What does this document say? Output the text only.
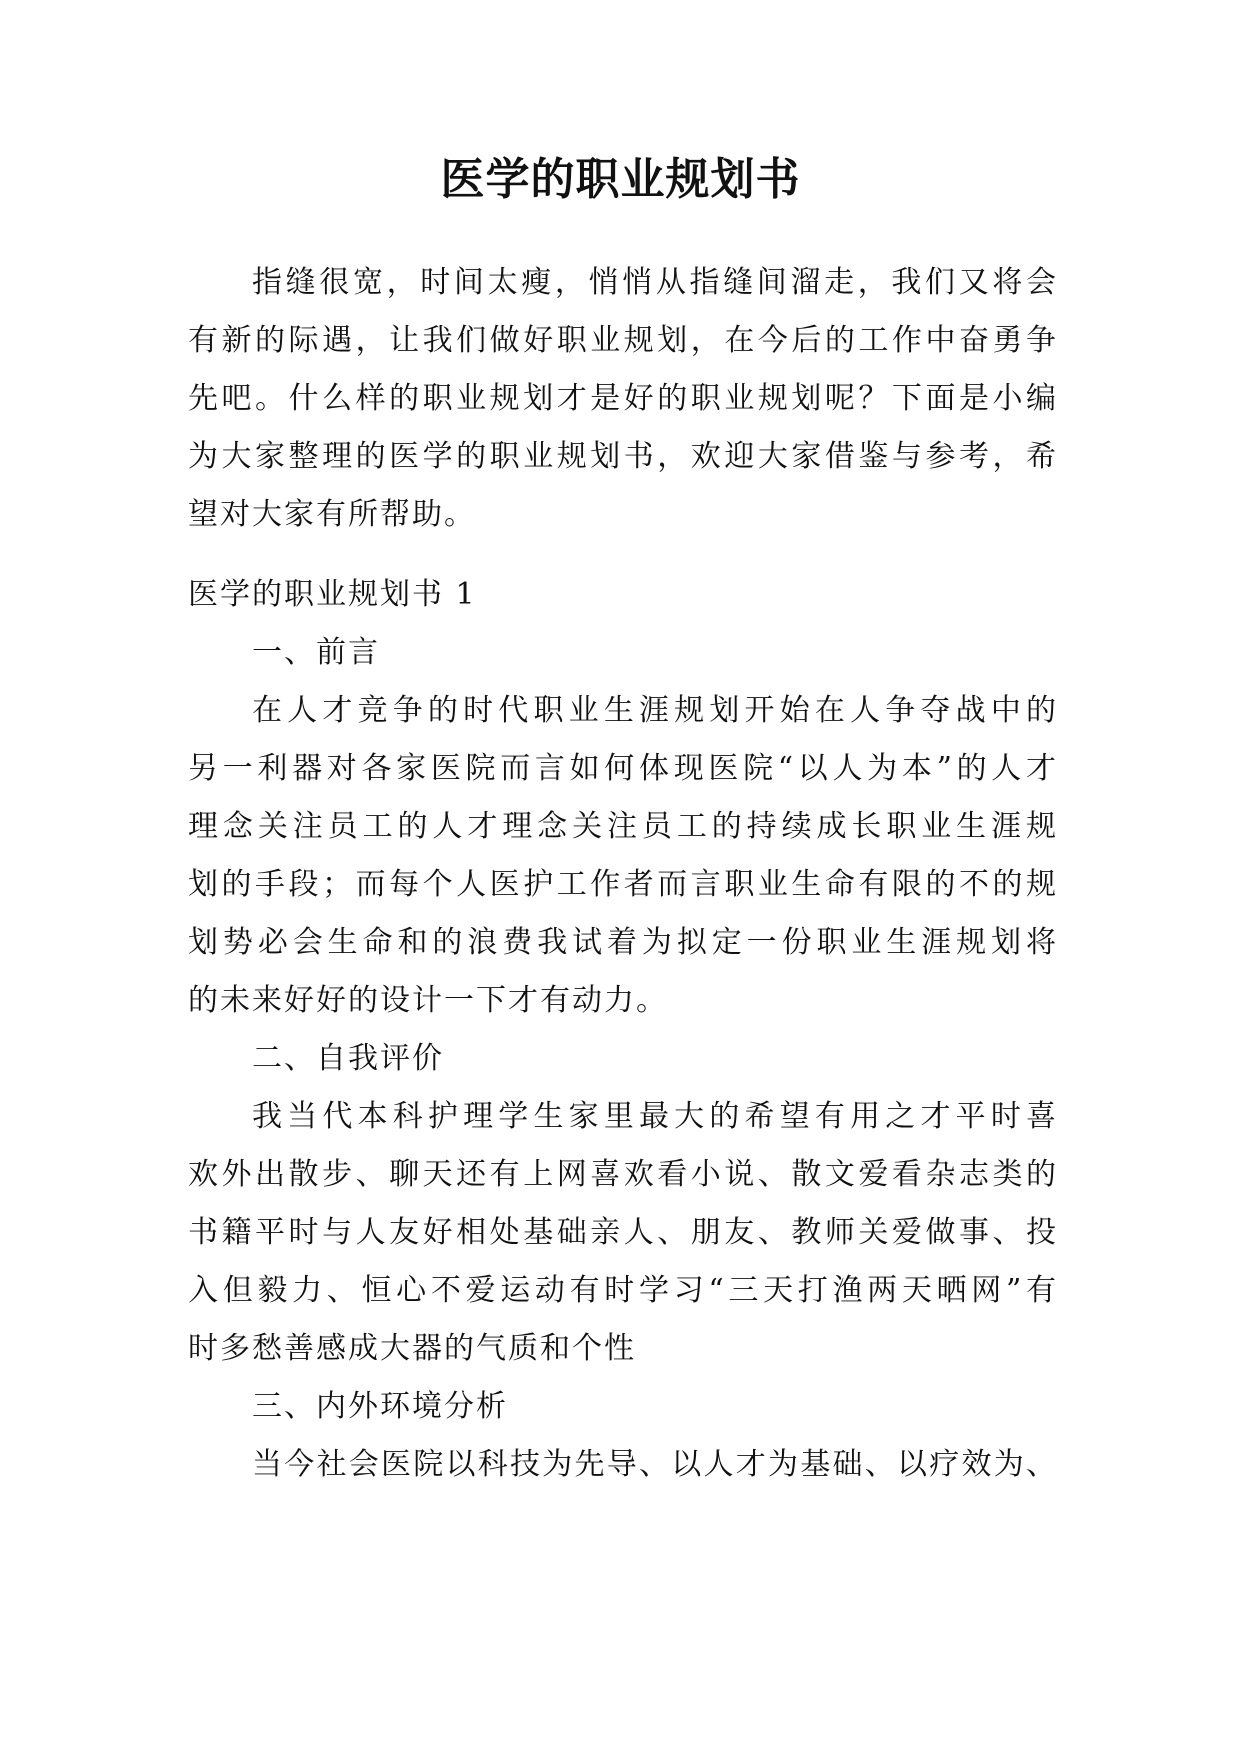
医学的职业规划书
指缝很宽，时间太瘦，悄悄从指缝间溜走，我们又将会
有新的际遇，让我们做好职业规划，在今后的工作中奋勇争
先吧。什么样的职业规划才是好的职业规划呢？下面是小编
为大家整理的医学的职业规划书，欢迎大家借鉴与参考，希
望对大家有所帮助。
医学的职业规划书 1
一、前言
在人才竞争的时代职业生涯规划开始在人争夺战中的
另一利器对各家医院而言如何体现医院“以人为本”的人才
理念关注员工的人才理念关注员工的持续成长职业生涯规
划的手段；而每个人医护工作者而言职业生命有限的不的规
划势必会生命和的浪费我试着为拟定一份职业生涯规划将
的未来好好的设计一下才有动力。
二、自我评价
我当代本科护理学生家里最大的希望有用之才平时喜
欢外出散步、聊天还有上网喜欢看小说、散文爱看杂志类的
书籍平时与人友好相处基础亲人、朋友、教师关爱做事、投
入但毅力、恒心不爱运动有时学习“三天打渔两天晒网”有
时多愁善感成大器的气质和个性
三、内外环境分析
当今社会医院以科技为先导、以人才为基础、以疗效为、
